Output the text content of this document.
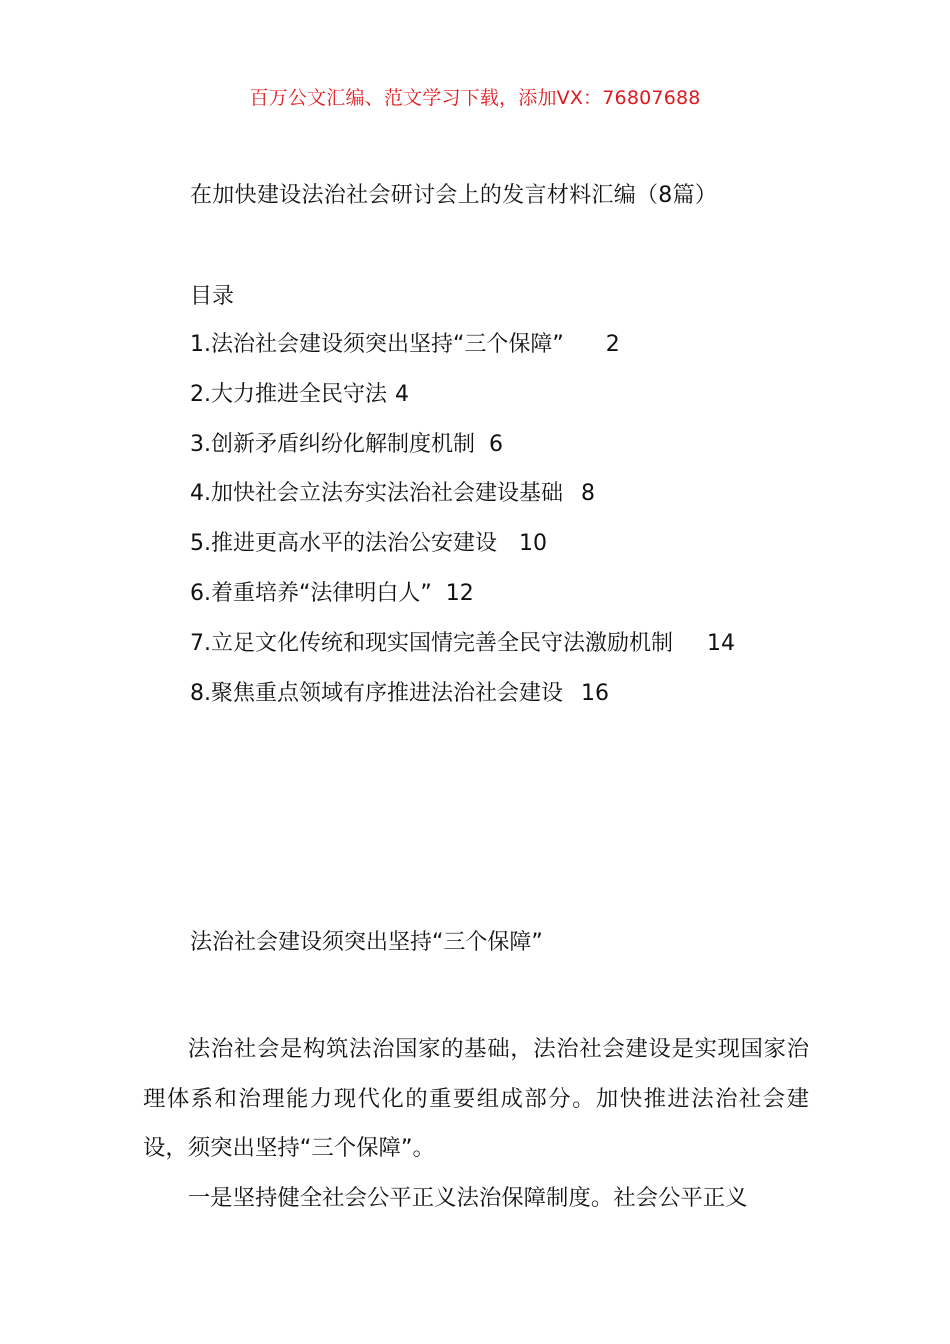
百万公文汇编、范文学习下载，添加VX：76807688
在加快建设法治社会研讨会上的发言材料汇编（8篇）
目录
1.法治社会建设须突出坚持“三个保障” 2
2.大力推进全民守法 4
3.创新矛盾纠纷化解制度机制 6
4.加快社会立法夯实法治社会建设基础 8
5.推进更高水平的法治公安建设 10
6.着重培养“法律明白人” 12
7.立足文化传统和现实国情完善全民守法激励机制 14
8.聚焦重点领域有序推进法治社会建设 16
法治社会建设须突出坚持“三个保障”

法治社会是构筑法治国家的基础，法治社会建设是实现国家治理体系和治理能力现代化的重要组成部分。加快推进法治社会建设，须突出坚持“三个保障”。

一是坚持健全社会公平正义法治保障制度。社会公平正义
